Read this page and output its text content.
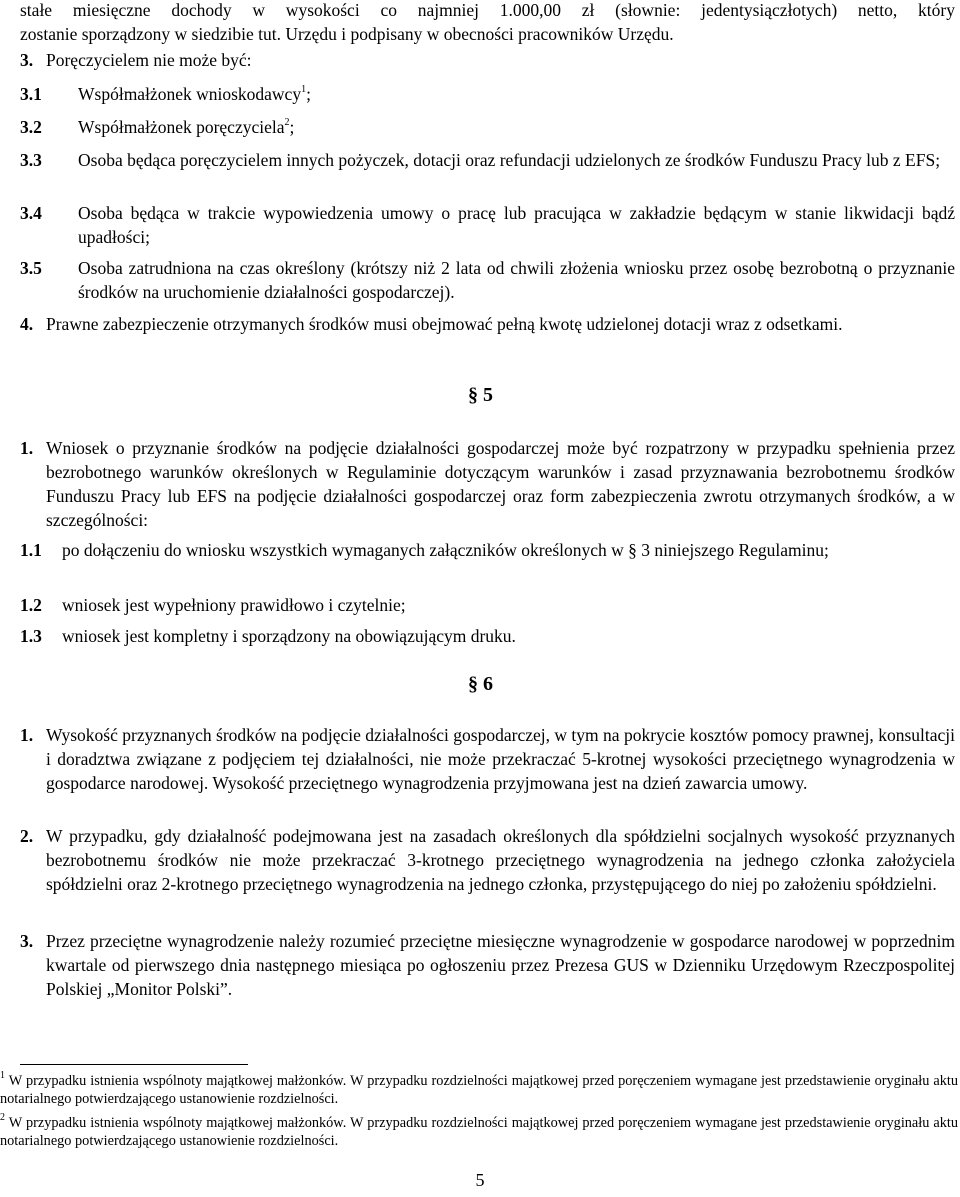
stałe miesięczne dochody w wysokości co najmniej 1.000,00 zł (słownie: jedentysiączłotych) netto, który
zostanie sporządzony w siedzibie tut. Urzędu i podpisany w obecności pracowników Urzędu.
3. Poręczycielem nie może być:
3.1	Współmałżonek wnioskodawcy$^1$;
3.2	Współmałżonek poręczyciela$^2$;
3.3	Osoba będąca poręczycielem innych pożyczek, dotacji oraz refundacji udzielonych ze środków Funduszu Pracy lub z EFS;
3.4	Osoba będąca w trakcie wypowiedzenia umowy o pracę lub pracująca w zakładzie będącym w stanie likwidacji bądź upadłości;
3.5	Osoba zatrudniona na czas określony (krótszy niż 2 lata od chwili złożenia wniosku przez osobę bezrobotną o przyznanie środków na uruchomienie działalności gospodarczej).
4. Prawne zabezpieczenie otrzymanych środków musi obejmować pełną kwotę udzielonej dotacji wraz z odsetkami.
§ 5
1. Wniosek o przyznanie środków na podjęcie działalności gospodarczej może być rozpatrzony w przypadku spełnienia przez bezrobotnego warunków określonych w Regulaminie dotyczącym warunków i zasad przyznawania bezrobotnemu środków Funduszu Pracy lub EFS na podjęcie działalności gospodarczej oraz form zabezpieczenia zwrotu otrzymanych środków, a w szczególności:
1.1	po dołączeniu do wniosku wszystkich wymaganych załączników określonych w § 3 niniejszego Regulaminu;
1.2	wniosek jest wypełniony prawidłowo i czytelnie;
1.3	wniosek jest kompletny i sporządzony na obowiązującym druku.
§ 6
1. Wysokość przyznanych środków na podjęcie działalności gospodarczej, w tym na pokrycie kosztów pomocy prawnej, konsultacji i doradztwa związane z podjęciem tej działalności, nie może przekraczać 5-krotnej wysokości przeciętnego wynagrodzenia w gospodarce narodowej. Wysokość przeciętnego wynagrodzenia przyjmowana jest na dzień zawarcia umowy.
2. W przypadku, gdy działalność podejmowana jest na zasadach określonych dla spółdzielni socjalnych wysokość przyznanych bezrobotnemu środków nie może przekraczać 3-krotnego przeciętnego wynagrodzenia na jednego członka założyciela spółdzielni oraz 2-krotnego przeciętnego wynagrodzenia na jednego członka, przystępującego do niej po założeniu spółdzielni.
3. Przez przeciętne wynagrodzenie należy rozumieć przeciętne miesięczne wynagrodzenie w gospodarce narodowej w poprzednim kwartale od pierwszego dnia następnego miesiąca po ogłoszeniu przez Prezesa GUS w Dzienniku Urzędowym Rzeczpospolitej Polskiej „Monitor Polski”.
$^1$ W przypadku istnienia wspólnoty majątkowej małżonków. W przypadku rozdzielności majątkowej przed poręczeniem wymagane jest przedstawienie oryginału aktu notarialnego potwierdzającego ustanowienie rozdzielności.
$^2$ W przypadku istnienia wspólnoty majątkowej małżonków. W przypadku rozdzielności majątkowej przed poręczeniem wymagane jest przedstawienie oryginału aktu notarialnego potwierdzającego ustanowienie rozdzielności.
5
